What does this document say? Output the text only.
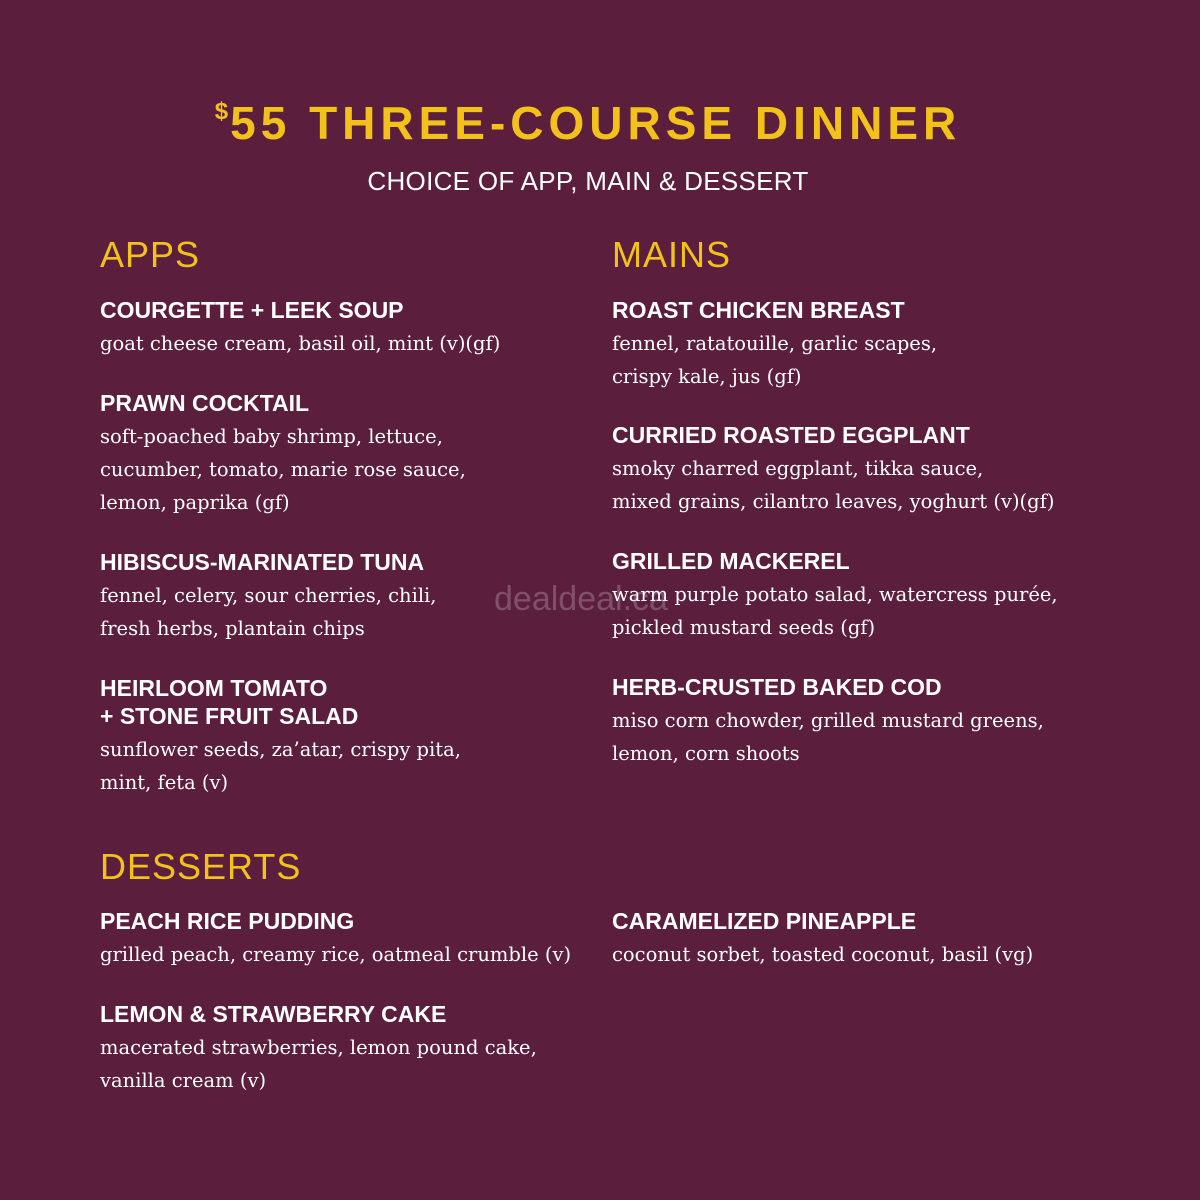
$55 THREE-COURSE DINNER
CHOICE OF APP, MAIN & DESSERT
APPS
COURGETTE + LEEK SOUP
goat cheese cream, basil oil, mint (v)(gf)
PRAWN COCKTAIL
soft-poached baby shrimp, lettuce,
cucumber, tomato, marie rose sauce,
lemon, paprika (gf)
HIBISCUS-MARINATED TUNA
fennel, celery, sour cherries, chili,
fresh herbs, plantain chips
HEIRLOOM TOMATO
+ STONE FRUIT SALAD
sunflower seeds, za’atar, crispy pita,
mint, feta (v)
MAINS
ROAST CHICKEN BREAST
fennel, ratatouille, garlic scapes,
crispy kale, jus (gf)
CURRIED ROASTED EGGPLANT
smoky charred eggplant, tikka sauce,
mixed grains, cilantro leaves, yoghurt (v)(gf)
GRILLED MACKEREL
warm purple potato salad, watercress purée,
pickled mustard seeds (gf)
HERB-CRUSTED BAKED COD
miso corn chowder, grilled mustard greens,
lemon, corn shoots
DESSERTS
PEACH RICE PUDDING
grilled peach, creamy rice, oatmeal crumble (v)
LEMON & STRAWBERRY CAKE
macerated strawberries, lemon pound cake,
vanilla cream (v)
CARAMELIZED PINEAPPLE
coconut sorbet, toasted coconut, basil (vg)
dealdeal.ca
